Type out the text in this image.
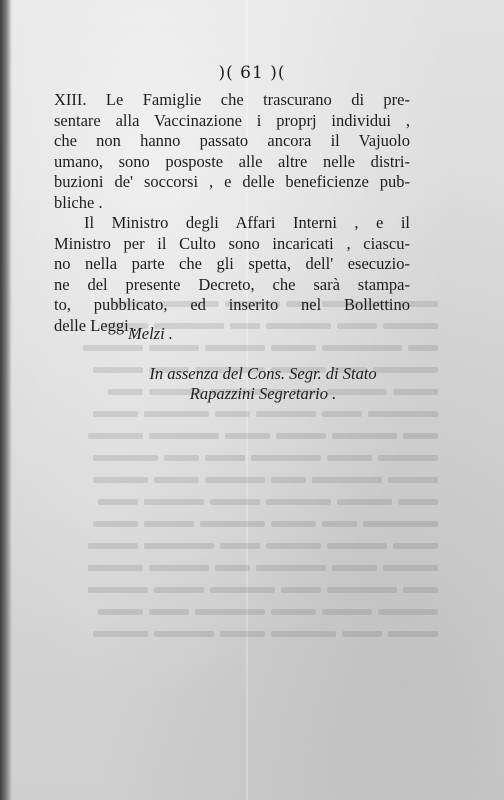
)( 61 )(
XIII. Le Famiglie che trascurano di pre-
sentare alla Vaccinazione i proprj individui ,
che non hanno passato ancora il Vajuolo
umano, sono posposte alle altre nelle distri-
buzioni de' soccorsi , e delle beneficienze pub-
bliche .
Il Ministro degli Affari Interni , e il
Ministro per il Culto sono incaricati , ciascu-
no nella parte che gli spetta, dell' esecuzio-
ne del presente Decreto, che sarà stampa-
to, pubblicato, ed inserito nel Bollettino
delle Leggi .
Melzi .
In assenza del Cons. Segr. di Stato
Rapazzini Segretario .
